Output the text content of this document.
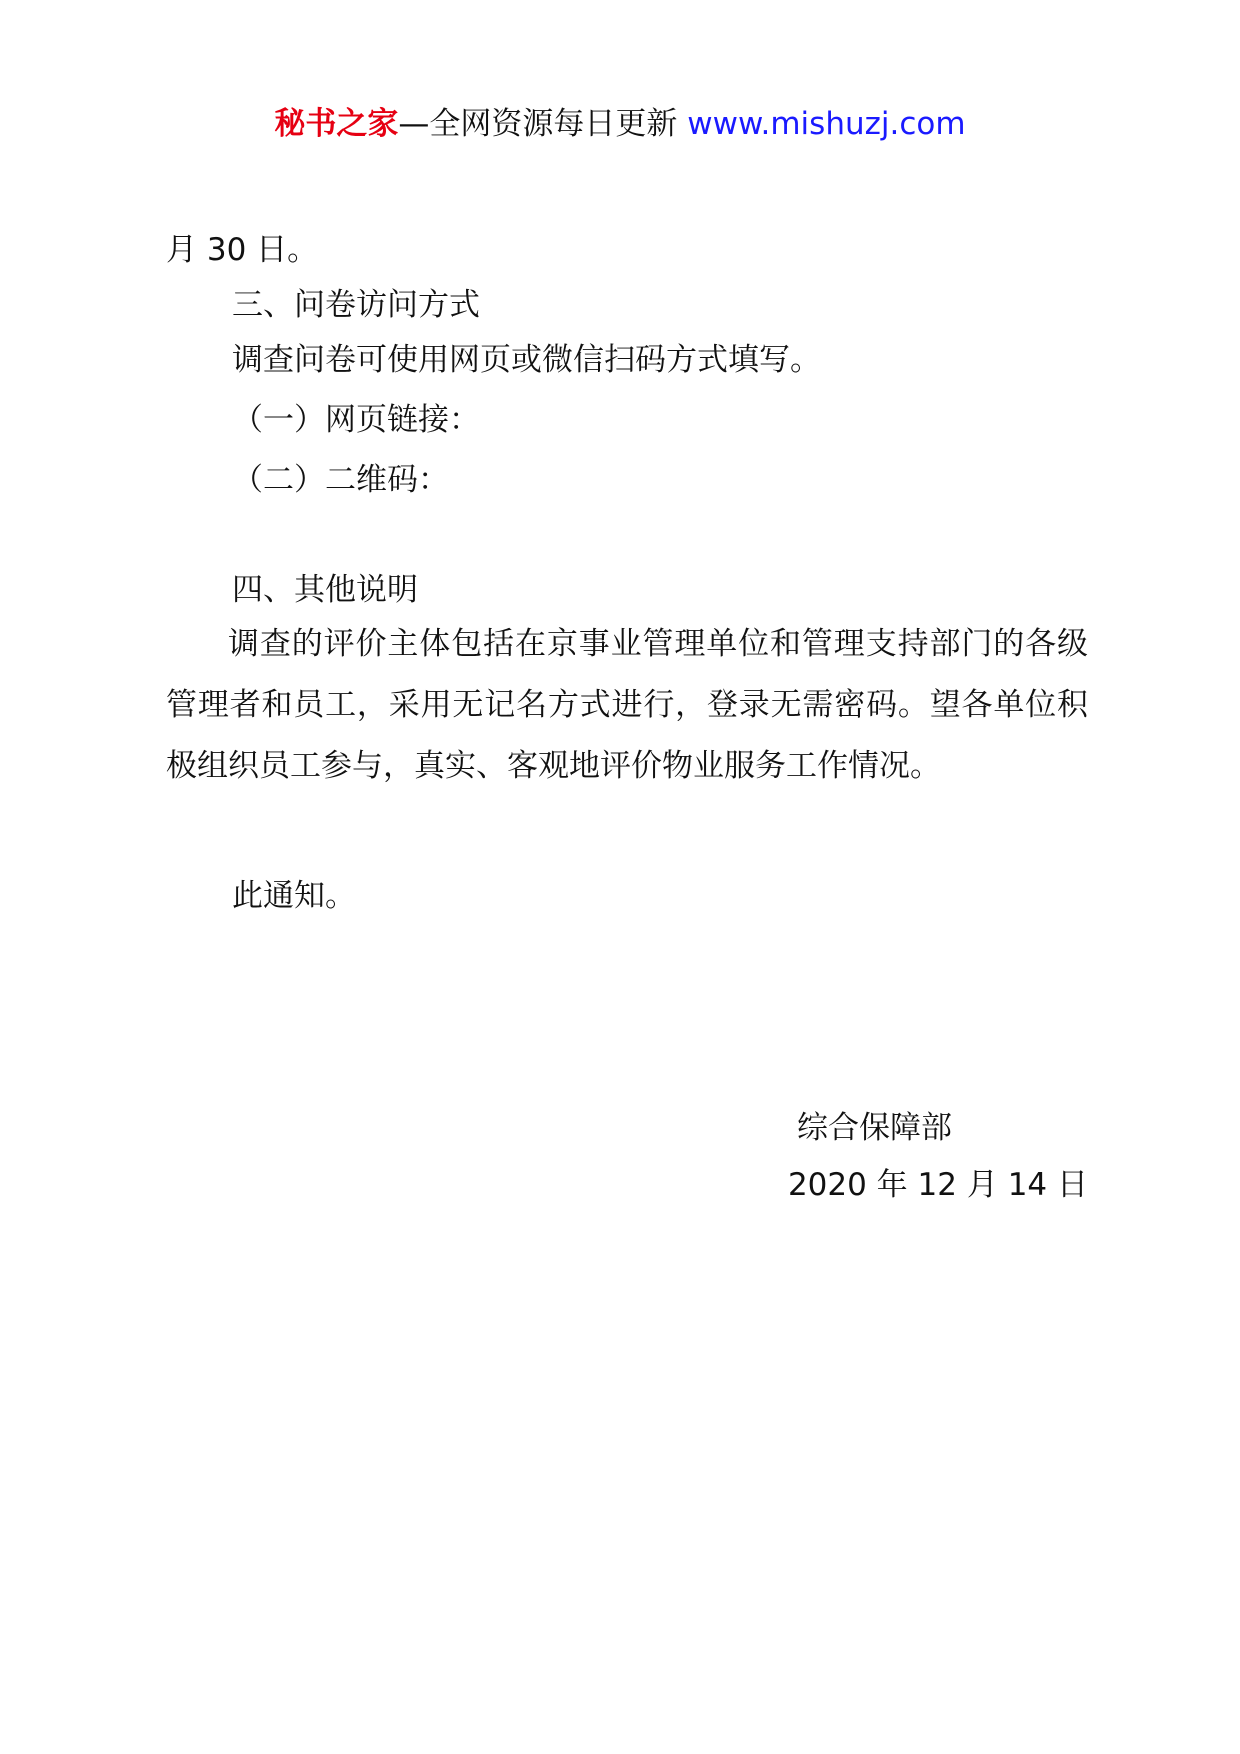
秘书之家—全网资源每日更新 www.mishuzj.com
月 30 日。
三、问卷访问方式
调查问卷可使用网页或微信扫码方式填写。
（一）网页链接：
（二）二维码：
四、其他说明

调查的评价主体包括在京事业管理单位和管理支持部门的各级管理者和员工，采用无记名方式进行，登录无需密码。望各单位积极组织员工参与，真实、客观地评价物业服务工作情况。

此通知。
综合保障部
2020 年 12 月 14 日
